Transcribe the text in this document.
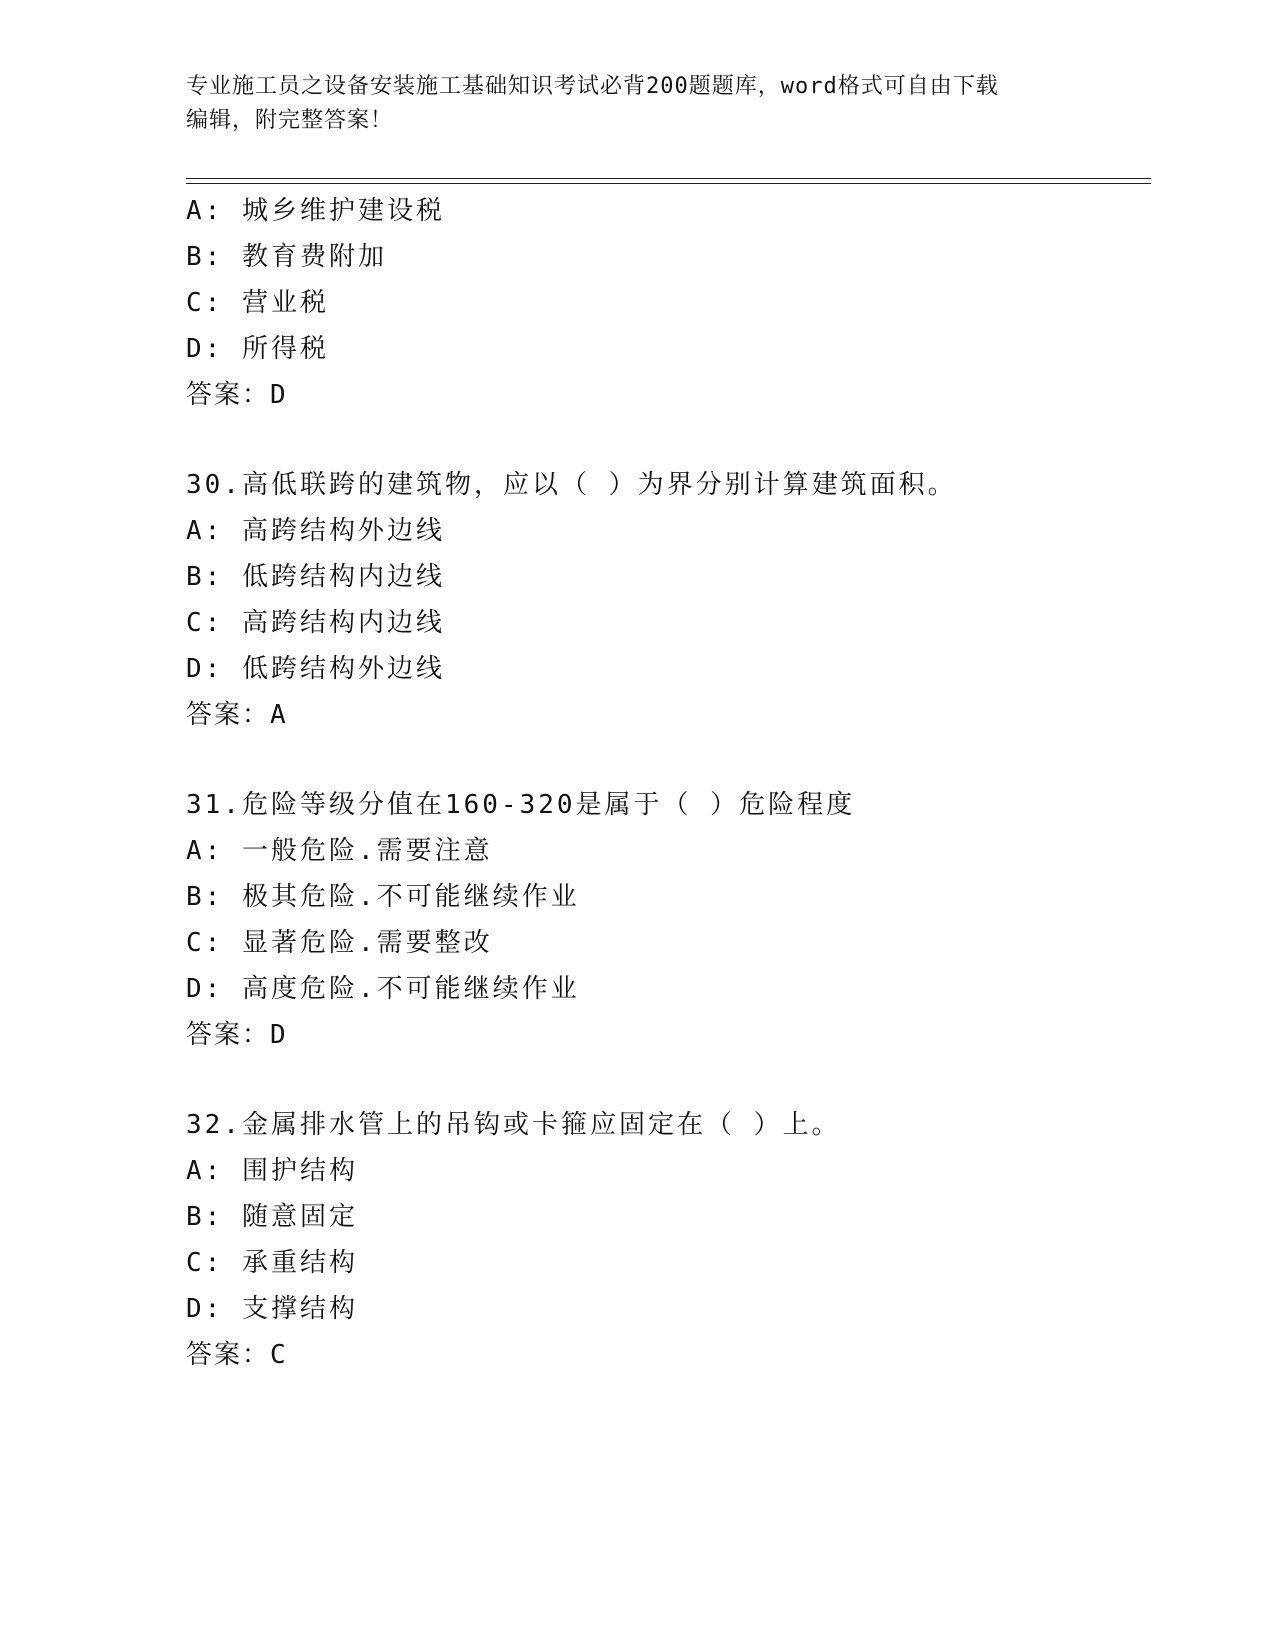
专业施工员之设备安装施工基础知识考试必背200题题库，word格式可自由下载
编辑，附完整答案！
A: 城乡维护建设税
B: 教育费附加
C: 营业税
D: 所得税
答案：D
30.高低联跨的建筑物，应以（ ）为界分别计算建筑面积。
A: 高跨结构外边线
B: 低跨结构内边线
C: 高跨结构内边线
D: 低跨结构外边线
答案：A
31.危险等级分值在160-320是属于（ ）危险程度
A: 一般危险.需要注意
B: 极其危险.不可能继续作业
C: 显著危险.需要整改
D: 高度危险.不可能继续作业
答案：D
32.金属排水管上的吊钩或卡箍应固定在（ ）上。
A: 围护结构
B: 随意固定
C: 承重结构
D: 支撑结构
答案：C
